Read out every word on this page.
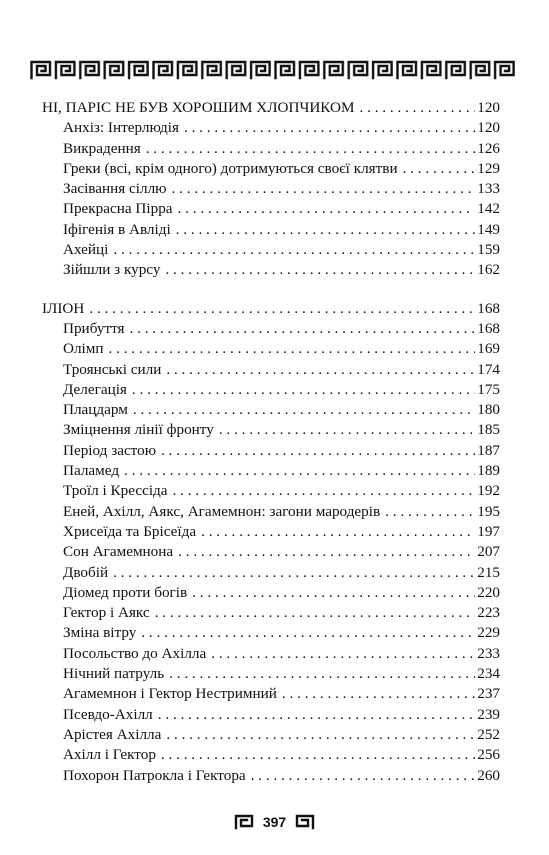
НІ, ПАРІС НЕ БУВ ХОРОШИМ ХЛОПЧИКОМ . . .	120
Анхіз: Інтерлюдія . . .	120
Викрадення . . .	126
Греки (всі, крім одного) дотримуються своєї клятви . . .	129
Засівання сіллю . . .	133
Прекрасна Пірра . . .	142
Іфігенія в Авліді . . .	149
Ахейці . . .	159
Зійшли з курсу . . .	162
ІЛІОН . . .	168
Прибуття . . .	168
Олімп . . .	169
Троянські сили . . .	174
Делегація . . .	175
Плацдарм . . .	180
Зміцнення лінії фронту . . .	185
Період застою . . .	187
Паламед . . .	189
Троїл і Крессіда . . .	192
Еней, Ахілл, Аякс, Агамемнон: загони мародерів . . .	195
Хрисеїда та Брісеїда . . .	197
Сон Агамемнона . . .	207
Двобій . . .	215
Діомед проти богів . . .	220
Гектор і Аякс . . .	223
Зміна вітру . . .	229
Посольство до Ахілла . . .	233
Нічний патруль . . .	234
Агамемнон і Гектор Нестримний . . .	237
Псевдо-Ахілл . . .	239
Арістея Ахілла . . .	252
Ахілл і Гектор . . .	256
Похорон Патрокла і Гектора . . .	260
397
